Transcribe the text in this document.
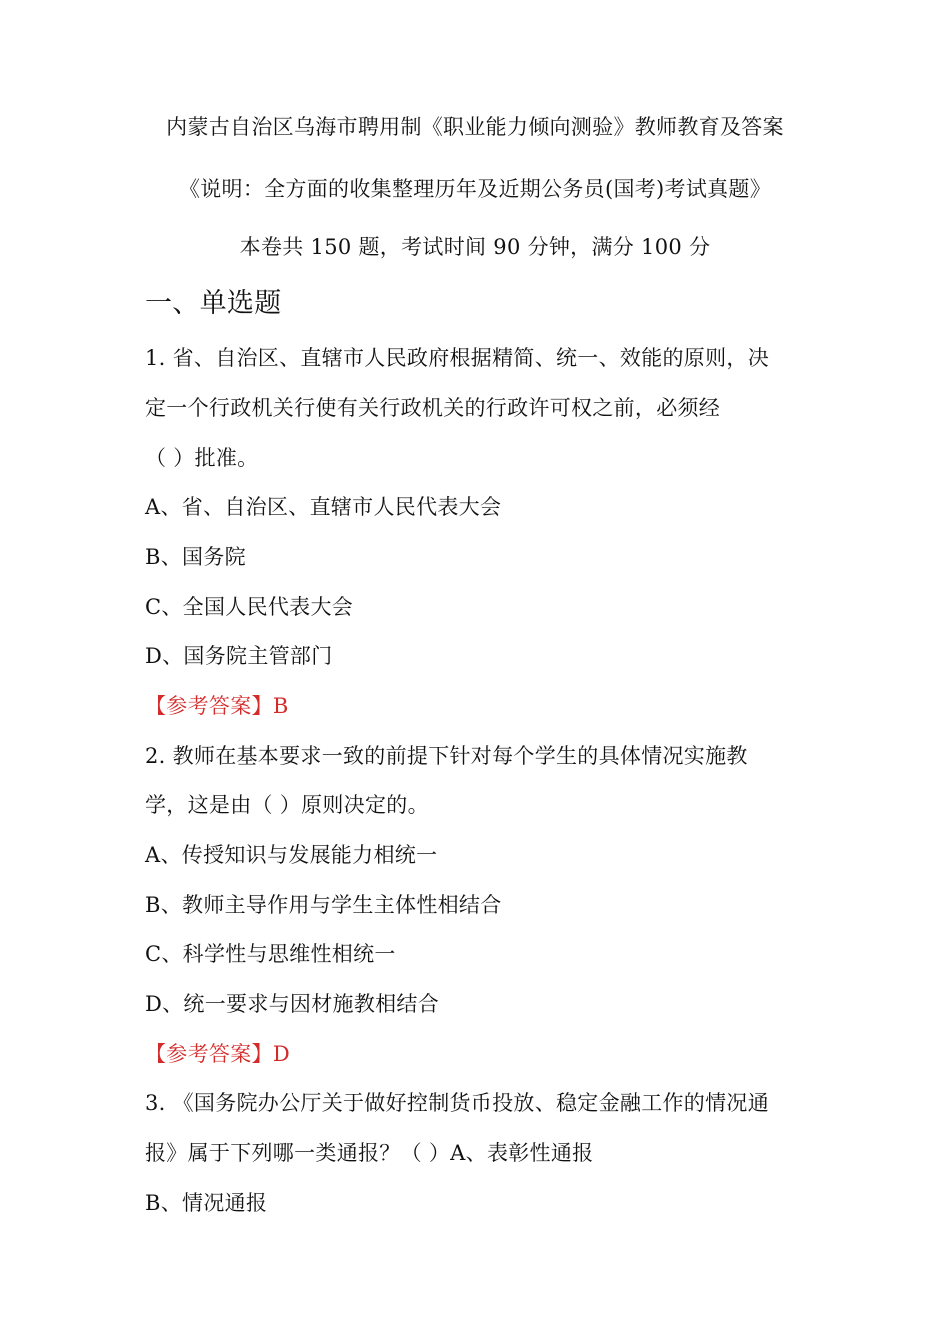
内蒙古自治区乌海市聘用制《职业能力倾向测验》教师教育及答案
《说明：全方面的收集整理历年及近期公务员(国考)考试真题》
本卷共 150 题，考试时间 90 分钟，满分 100 分
一、单选题
1. 省、自治区、直辖市人民政府根据精简、统一、效能的原则，决
定一个行政机关行使有关行政机关的行政许可权之前，必须经
（ ）批准。
A、省、自治区、直辖市人民代表大会
B、国务院
C、全国人民代表大会
D、国务院主管部门
【参考答案】B
2. 教师在基本要求一致的前提下针对每个学生的具体情况实施教
学，这是由（ ）原则决定的。
A、传授知识与发展能力相统一
B、教师主导作用与学生主体性相结合
C、科学性与思维性相统一
D、统一要求与因材施教相结合
【参考答案】D
3. 《国务院办公厅关于做好控制货币投放、稳定金融工作的情况通
报》属于下列哪一类通报？（ ）A、表彰性通报
B、情况通报
